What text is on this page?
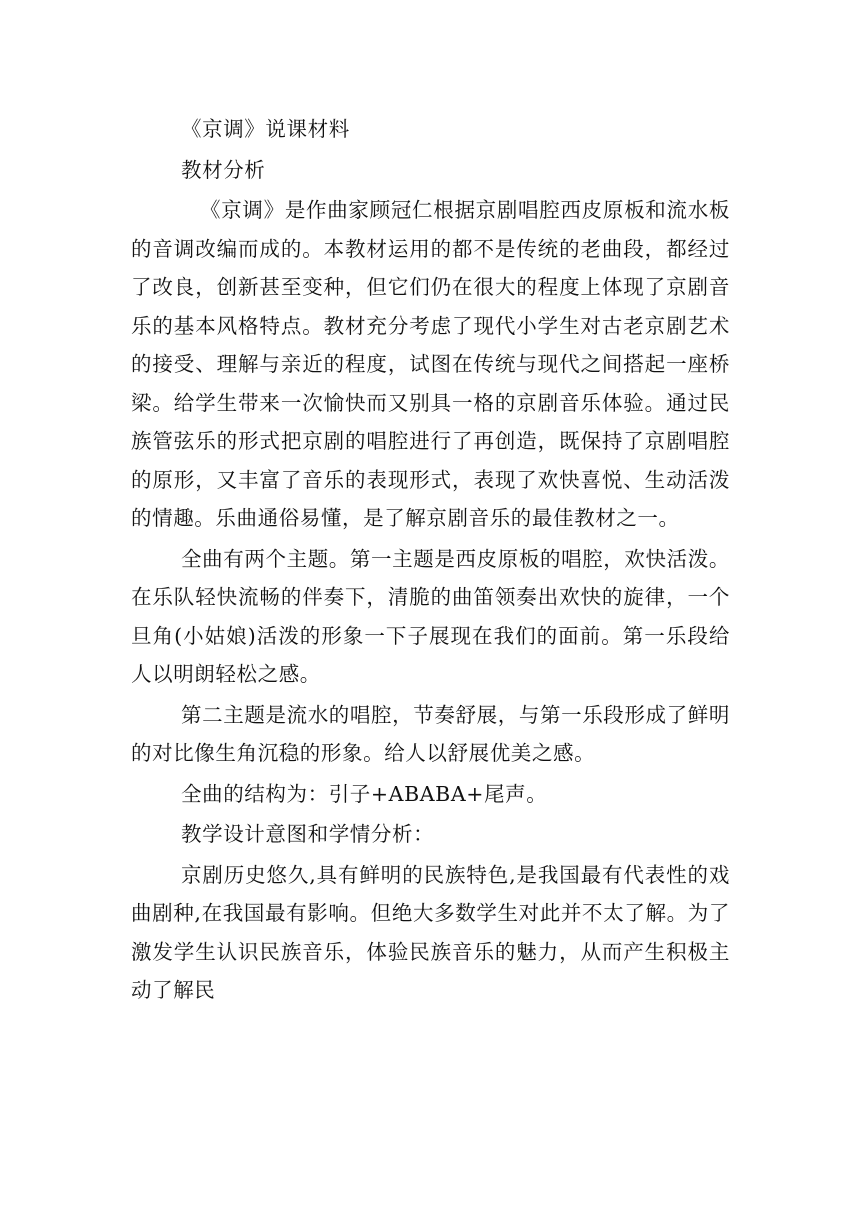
《京调》说课材料

教材分析

《京调》是作曲家顾冠仁根据京剧唱腔西皮原板和流水板的音调改编而成的。本教材运用的都不是传统的老曲段，都经过了改良，创新甚至变种，但它们仍在很大的程度上体现了京剧音乐的基本风格特点。教材充分考虑了现代小学生对古老京剧艺术的接受、理解与亲近的程度，试图在传统与现代之间搭起一座桥梁。给学生带来一次愉快而又别具一格的京剧音乐体验。通过民族管弦乐的形式把京剧的唱腔进行了再创造，既保持了京剧唱腔的原形，又丰富了音乐的表现形式，表现了欢快喜悦、生动活泼的情趣。乐曲通俗易懂，是了解京剧音乐的最佳教材之一。

全曲有两个主题。第一主题是西皮原板的唱腔，欢快活泼。在乐队轻快流畅的伴奏下，清脆的曲笛领奏出欢快的旋律，一个旦角(小姑娘)活泼的形象一下子展现在我们的面前。第一乐段给人以明朗轻松之感。

第二主题是流水的唱腔，节奏舒展，与第一乐段形成了鲜明的对比像生角沉稳的形象。给人以舒展优美之感。

全曲的结构为：引子+ABABA+尾声。

教学设计意图和学情分析：

京剧历史悠久,具有鲜明的民族特色,是我国最有代表性的戏曲剧种,在我国最有影响。但绝大多数学生对此并不太了解。为了激发学生认识民族音乐，体验民族音乐的魅力，从而产生积极主动了解民
